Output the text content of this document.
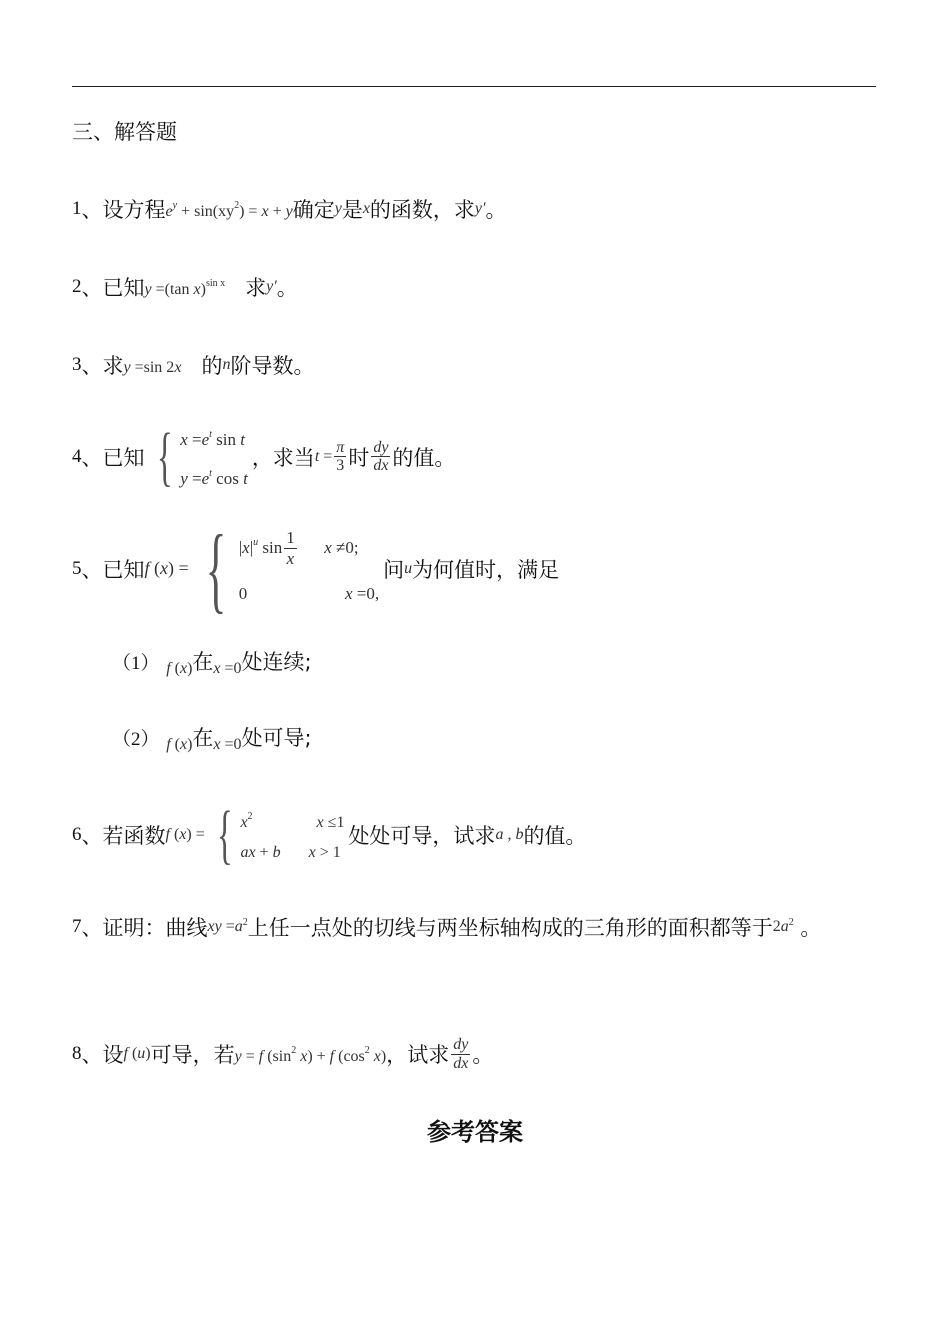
三、解答题
1 、 设方程 $e^y + \sin(xy^2) = x + y$ 确定 y 是 x 的函数，求 y′ 。
2 、 已知 y =(tan x)$^{sin x}$
求 y′ 。
3 、 求 y =sin 2x
的 n 阶导数。
4 、 已知 { $x =e^t$ sin t
$y =e^t$ cos t
，求当 $t = \frac{\pi}{3}$ 时 $\frac{dy}{dx}$ 的值。
5 、 已知 f ( x ) = { $|x|^u$ $\sin \frac{1}{x}$ x ≠0;
0                       x =0,
问 u 为何值时，满足
（1）
f ( x ) 在 x =0 处连续;
（2）
f ( x ) 在 x =0 处可导;
6 、 若函数 f ( x ) = { $x^2$	x ≤1
ax + b x > 1
处处可导，试求 a , b 的值。
7 、 证明：曲线 xy = a $^2$ 上任一点处的切线与两坐标轴构成的三角形的面积都等于 2 a $^2$
。
8 、 设 f ( u ) 可导，若 y = f ($\sin^2$ x) + f ($\cos^2$ x) ，试求 $\frac{dy}{dx}$ 。
参考答案
